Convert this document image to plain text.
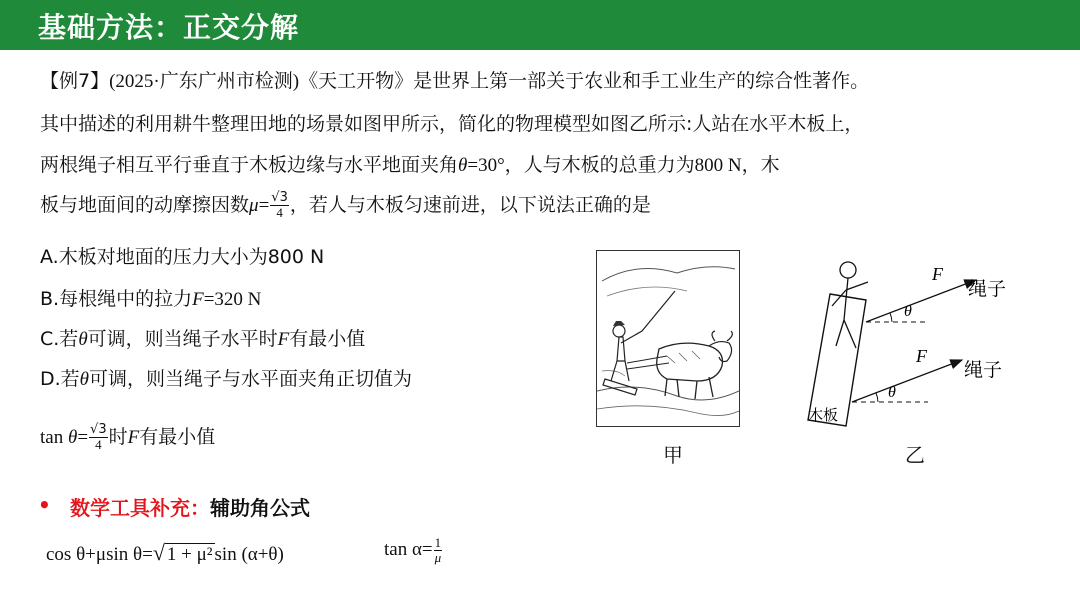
基础方法：正交分解
【例7】(2025·广东广州市检测)《天工开物》是世界上第一部关于农业和手工业生产的综合性著作。
其中描述的利用耕牛整理田地的场景如图甲所示，简化的物理模型如图乙所示:人站在水平木板上，
两根绳子相互平行垂直于木板边缘与水平地面夹角θ=30°，人与木板的总重力为800 N，木
板与地面间的动摩擦因数$\mu= \frac{√3}{4}$ ，若人与木板匀速前进，以下说法正确的是
A.木板对地面的压力大小为800 N
B.每根绳中的拉力F=320 N
C.若θ可调，则当绳子水平时F有最小值
D.若θ可调，则当绳子与水平面夹角正切值为
$\tan \theta= \frac{√3}{4}$ 时F有最小值
甲
F
θ
绳子
F
θ
绳子
木板
乙
• 数学工具补充：辅助角公式
cos θ+μsin θ=√ 1 + μ² sin (α+θ)	$\tan \alpha= \frac{1}{\mu}$
